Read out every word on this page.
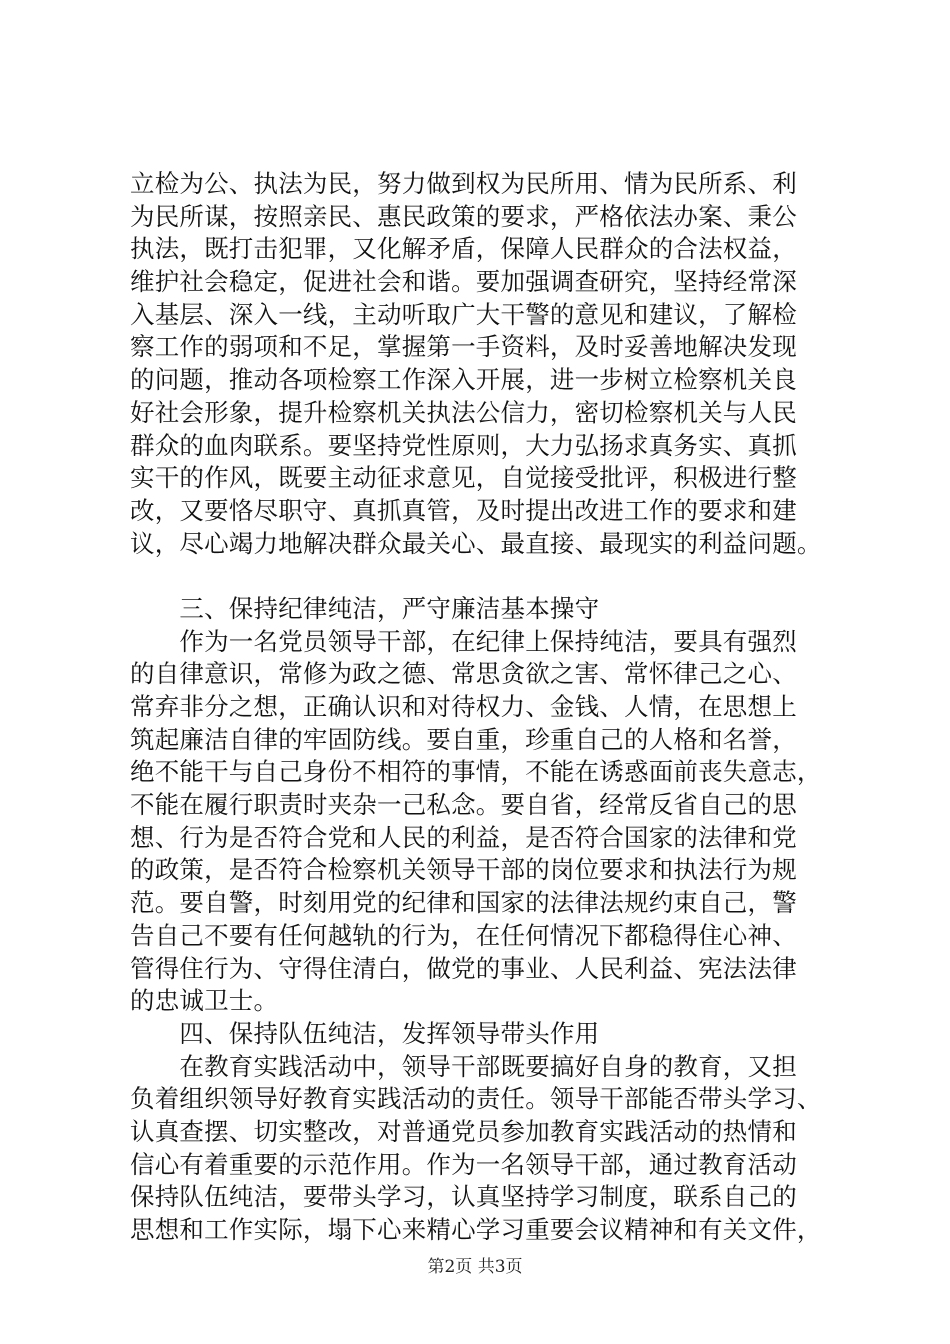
立检为公、执法为民，努力做到权为民所用、情为民所系、利
为民所谋，按照亲民、惠民政策的要求，严格依法办案、秉公
执法，既打击犯罪，又化解矛盾，保障人民群众的合法权益，
维护社会稳定，促进社会和谐。要加强调查研究，坚持经常深
入基层、深入一线，主动听取广大干警的意见和建议，了解检
察工作的弱项和不足，掌握第一手资料，及时妥善地解决发现
的问题，推动各项检察工作深入开展，进一步树立检察机关良
好社会形象，提升检察机关执法公信力，密切检察机关与人民
群众的血肉联系。要坚持党性原则，大力弘扬求真务实、真抓
实干的作风，既要主动征求意见，自觉接受批评，积极进行整
改，又要恪尽职守、真抓真管，及时提出改进工作的要求和建
议，尽心竭力地解决群众最关心、最直接、最现实的利益问题。
　　三、保持纪律纯洁，严守廉洁基本操守
　　作为一名党员领导干部，在纪律上保持纯洁，要具有强烈
的自律意识，常修为政之德、常思贪欲之害、常怀律己之心、
常弃非分之想，正确认识和对待权力、金钱、人情，在思想上
筑起廉洁自律的牢固防线。要自重，珍重自己的人格和名誉，
绝不能干与自己身份不相符的事情，不能在诱惑面前丧失意志，
不能在履行职责时夹杂一己私念。要自省，经常反省自己的思
想、行为是否符合党和人民的利益，是否符合国家的法律和党
的政策，是否符合检察机关领导干部的岗位要求和执法行为规
范。要自警，时刻用党的纪律和国家的法律法规约束自己，警
告自己不要有任何越轨的行为，在任何情况下都稳得住心神、
管得住行为、守得住清白，做党的事业、人民利益、宪法法律
的忠诚卫士。
　　四、保持队伍纯洁，发挥领导带头作用
　　在教育实践活动中，领导干部既要搞好自身的教育，又担
负着组织领导好教育实践活动的责任。领导干部能否带头学习、
认真查摆、切实整改，对普通党员参加教育实践活动的热情和
信心有着重要的示范作用。作为一名领导干部，通过教育活动
保持队伍纯洁，要带头学习，认真坚持学习制度，联系自己的
思想和工作实际，塌下心来精心学习重要会议精神和有关文件，
第2页 共3页
